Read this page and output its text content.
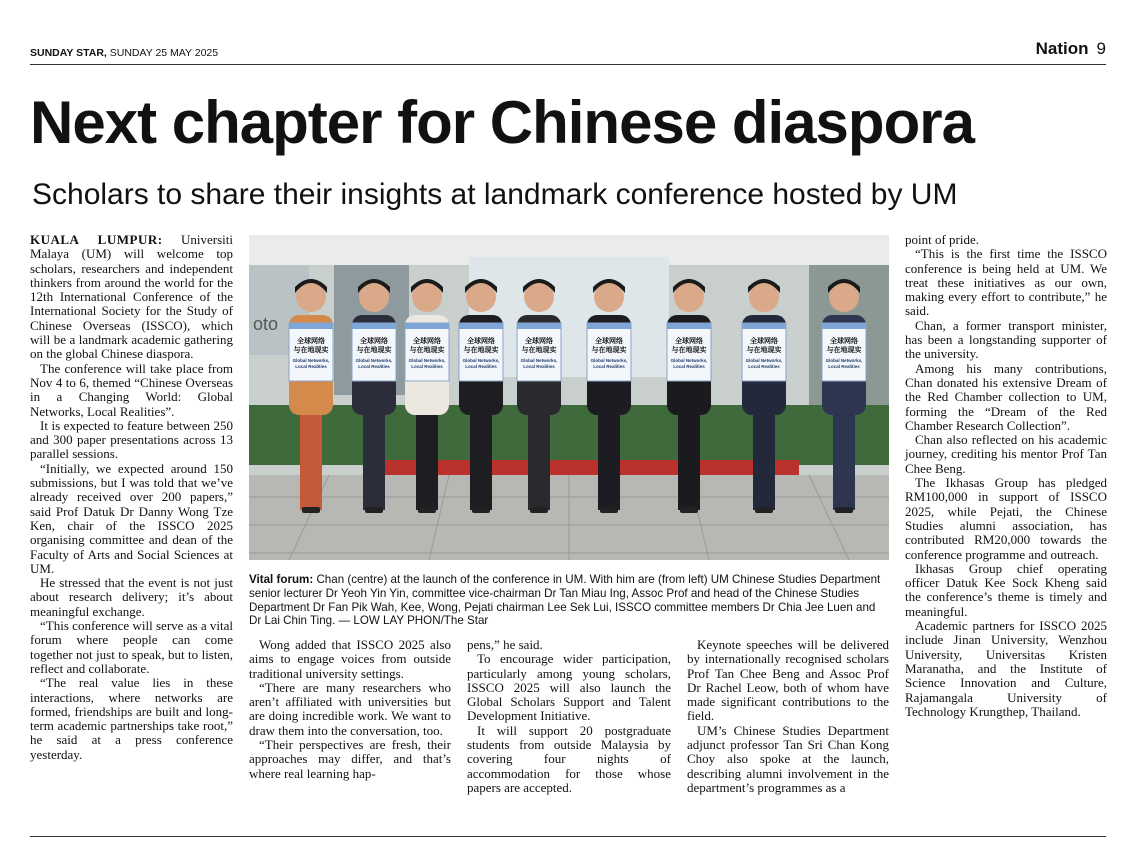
SUNDAY STAR, SUNDAY 25 MAY 2025	Nation 9
Next chapter for Chinese diaspora
Scholars to share their insights at landmark conference hosted by UM

KUALA LUMPUR: Universiti Malaya (UM) will welcome top scholars, researchers and independent thinkers from around the world for the 12th International Conference of the International Society for the Study of Chinese Overseas (ISSCO), which will be a landmark academic gathering on the global Chinese diaspora.

The conference will take place from Nov 4 to 6, themed “Chinese Overseas in a Changing World: Global Networks, Local Realities”.

It is expected to feature between 250 and 300 paper presentations across 13 parallel sessions.

“Initially, we expected around 150 submissions, but I was told that we’ve already received over 200 papers,” said Prof Datuk Dr Danny Wong Tze Ken, chair of the ISSCO 2025 organising committee and dean of the Faculty of Arts and Social Sciences at UM.

He stressed that the event is not just about research delivery; it’s about meaningful exchange.

“This conference will serve as a vital forum where people can come together not just to speak, but to listen, reflect and collaborate.

“The real value lies in these interactions, where networks are formed, friendships are built and long-term academic partnerships take root,” he said at a press conference yesterday.

oto
全球网络
与在地现实
Global Networks,
Local Realities
全球网络
与在地现实
Global Networks,
Local Realities
全球网络
与在地现实
Global Networks,
Local Realities
全球网络
与在地现实
Global Networks,
Local Realities
全球网络
与在地现实
Global Networks,
Local Realities
全球网络
与在地现实
Global Networks,
Local Realities
全球网络
与在地现实
Global Networks,
Local Realities
全球网络
与在地现实
Global Networks,
Local Realities
全球网络
与在地现实
Global Networks,
Local Realities
Vital forum: Chan (centre) at the launch of the conference in UM. With him are (from left) UM Chinese Studies Department senior lecturer Dr Yeoh Yin Yin, committee vice-chairman Dr Tan Miau Ing, Assoc Prof and head of the Chinese Studies Department Dr Fan Pik Wah, Kee, Wong, Pejati chairman Lee Sek Lui, ISSCO committee members Dr Chia Jee Luen and Dr Lai Chin Ting. — LOW LAY PHON/The Star

Wong added that ISSCO 2025 also aims to engage voices from outside traditional university settings.

“There are many researchers who aren’t affiliated with universities but are doing incredible work. We want to draw them into the conversation, too.

“Their perspectives are fresh, their approaches may differ, and that’s where real learning hap-

pens,” he said.

To encourage wider participation, particularly among young scholars, ISSCO 2025 will also launch the Global Scholars Support and Talent Development Initiative.

It will support 20 postgraduate students from outside Malaysia by covering four nights of accommodation for those whose papers are accepted.

Keynote speeches will be delivered by internationally recognised scholars Prof Tan Chee Beng and Assoc Prof Dr Rachel Leow, both of whom have made significant contributions to the field.

UM’s Chinese Studies Department adjunct professor Tan Sri Chan Kong Choy also spoke at the launch, describing alumni involvement in the department’s programmes as a

point of pride.

“This is the first time the ISSCO conference is being held at UM. We treat these initiatives as our own, making every effort to contribute,” he said.

Chan, a former transport minister, has been a longstanding supporter of the university.

Among his many contributions, Chan donated his extensive Dream of the Red Chamber collection to UM, forming the “Dream of the Red Chamber Research Collection”.

Chan also reflected on his academic journey, crediting his mentor Prof Tan Chee Beng.

The Ikhasas Group has pledged RM100,000 in support of ISSCO 2025, while Pejati, the Chinese Studies alumni association, has contributed RM20,000 towards the conference programme and outreach.

Ikhasas Group chief operating officer Datuk Kee Sock Kheng said the conference’s theme is timely and meaningful.

Academic partners for ISSCO 2025 include Jinan University, Wenzhou University, Universitas Kristen Maranatha, and the Institute of Science Innovation and Culture, Rajamangala University of Technology Krungthep, Thailand.
